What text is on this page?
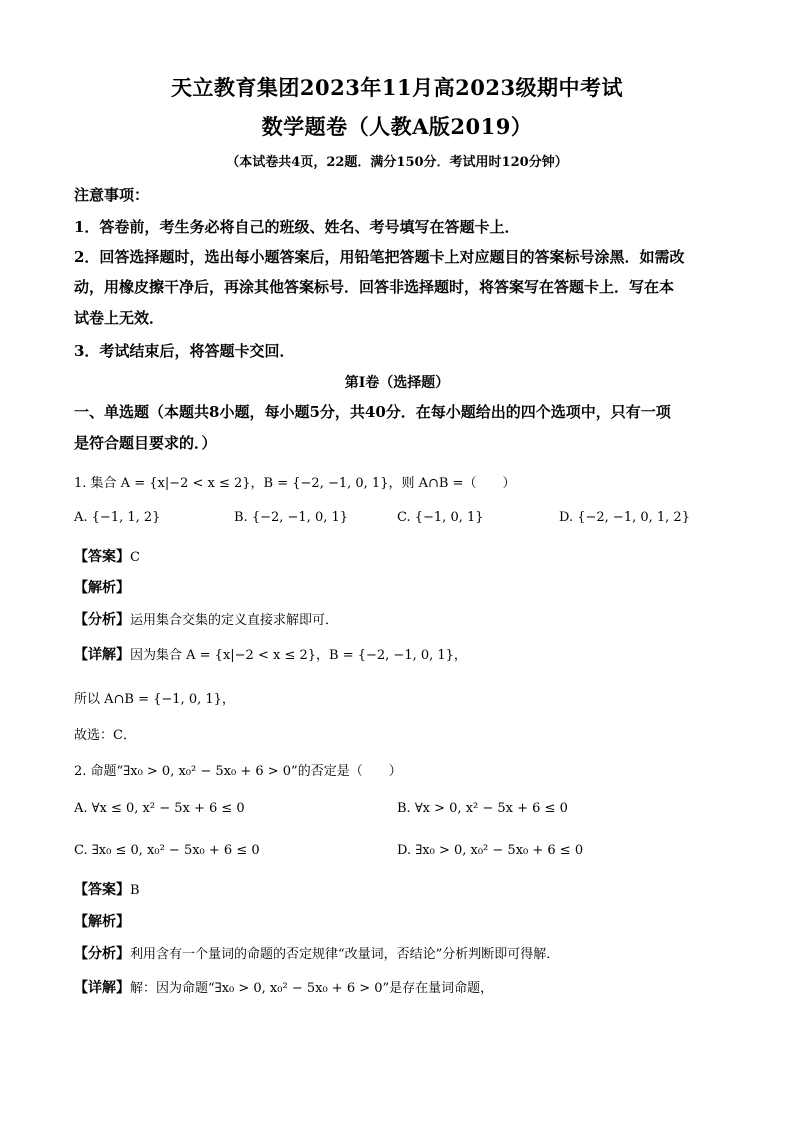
天立教育集团2023年11月高2023级期中考试
数学题卷（人教A版2019）
（本试卷共4页，22题．满分150分．考试用时120分钟）
注意事项：
1．答卷前，考生务必将自己的班级、姓名、考号填写在答题卡上．
2．回答选择题时，选出每小题答案后，用铅笔把答题卡上对应题目的答案标号涂黑．如需改
动，用橡皮擦干净后，再涂其他答案标号．回答非选择题时，将答案写在答题卡上．写在本
试卷上无效．
3．考试结束后，将答题卡交回．
第Ⅰ卷（选择题）
一、单选题（本题共8小题，每小题5分，共40分．在每小题给出的四个选项中，只有一项
是符合题目要求的．）
1. 集合 A = {x|−2 < x ≤ 2}，B = {−2, −1, 0, 1}，则 A∩B =（　　）
A. {−1, 1, 2}	B. {−2, −1, 0, 1}	C. {−1, 0, 1}	D. {−2, −1, 0, 1, 2}
【答案】C
【解析】
【分析】运用集合交集的定义直接求解即可．
【详解】因为集合 A = {x|−2 < x ≤ 2}，B = {−2, −1, 0, 1}，
所以 A∩B = {−1, 0, 1}，
故选：C．
2. 命题“∃x₀ > 0, x₀² − 5x₀ + 6 > 0”的否定是（　　）
A. ∀x ≤ 0, x² − 5x + 6 ≤ 0	B. ∀x > 0, x² − 5x + 6 ≤ 0
C. ∃x₀ ≤ 0, x₀² − 5x₀ + 6 ≤ 0	D. ∃x₀ > 0, x₀² − 5x₀ + 6 ≤ 0
【答案】B
【解析】
【分析】利用含有一个量词的命题的否定规律“改量词，否结论”分析判断即可得解．
【详解】解：因为命题“∃x₀ > 0, x₀² − 5x₀ + 6 > 0”是存在量词命题，
